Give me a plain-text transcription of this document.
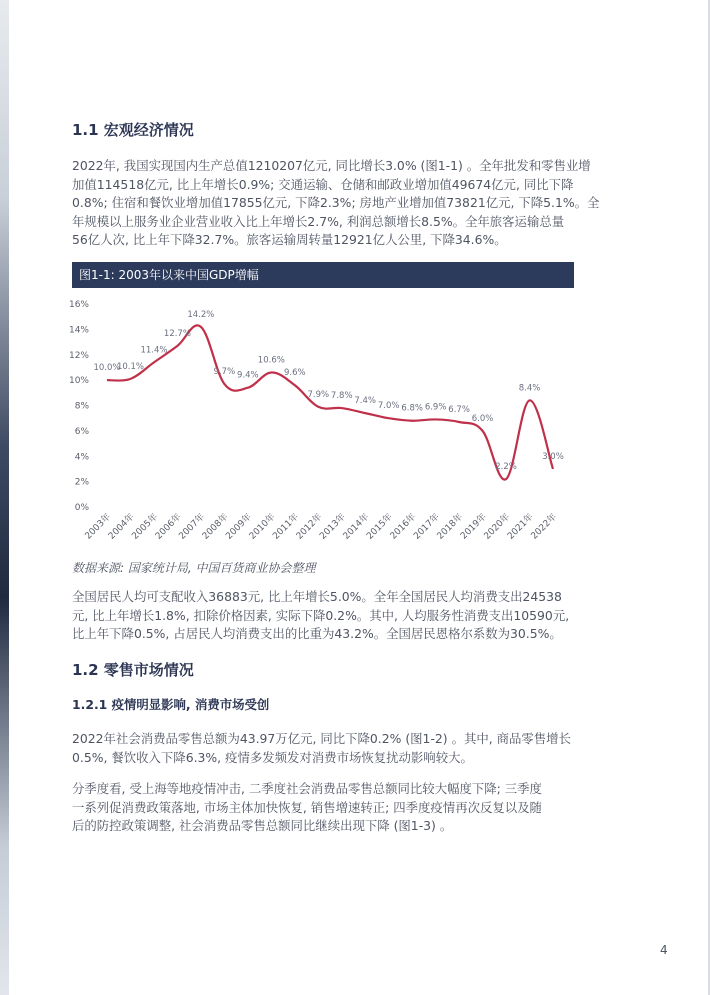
1.1 宏观经济情况
2022年, 我国实现国内生产总值1210207亿元, 同比增长3.0% (图1-1) 。全年批发和零售业增
加值114518亿元, 比上年增长0.9%; 交通运输、仓储和邮政业增加值49674亿元, 同比下降
0.8%; 住宿和餐饮业增加值17855亿元, 下降2.3%; 房地产业增加值73821亿元, 下降5.1%。全
年规模以上服务业企业营业收入比上年增长2.7%, 利润总额增长8.5%。全年旅客运输总量
56亿人次, 比上年下降32.7%。旅客运输周转量12921亿人公里, 下降34.6%。
图1-1: 2003年以来中国GDP增幅
0%
2%
4%
6%
8%
10%
12%
14%
16%
2003年
2004年
2005年
2006年
2007年
2008年
2009年
2010年
2011年
2012年
2013年
2014年
2015年
2016年
2017年
2018年
2019年
2020年
2021年
2022年
10.0%
10.1%
11.4%
12.7%
14.2%
9.7% 9.4%
10.6%
9.6%
7.9% 7.8%
7.4%
7.0% 6.8% 6.9% 6.7%
6.0%
2.2%
8.4%
3.0%

数据来源: 国家统计局, 中国百货商业协会整理

全国居民人均可支配收入36883元, 比上年增长5.0%。全年全国居民人均消费支出24538
元, 比上年增长1.8%, 扣除价格因素, 实际下降0.2%。其中, 人均服务性消费支出10590元,
比上年下降0.5%, 占居民人均消费支出的比重为43.2%。全国居民恩格尔系数为30.5%。
1.2 零售市场情况
1.2.1 疫情明显影响, 消费市场受创
2022年社会消费品零售总额为43.97万亿元, 同比下降0.2% (图1-2) 。其中, 商品零售增长
0.5%, 餐饮收入下降6.3%, 疫情多发频发对消费市场恢复扰动影响较大。
分季度看, 受上海等地疫情冲击, 二季度社会消费品零售总额同比较大幅度下降; 三季度
一系列促消费政策落地, 市场主体加快恢复, 销售增速转正; 四季度疫情再次反复以及随
后的防控政策调整, 社会消费品零售总额同比继续出现下降 (图1-3) 。
4
